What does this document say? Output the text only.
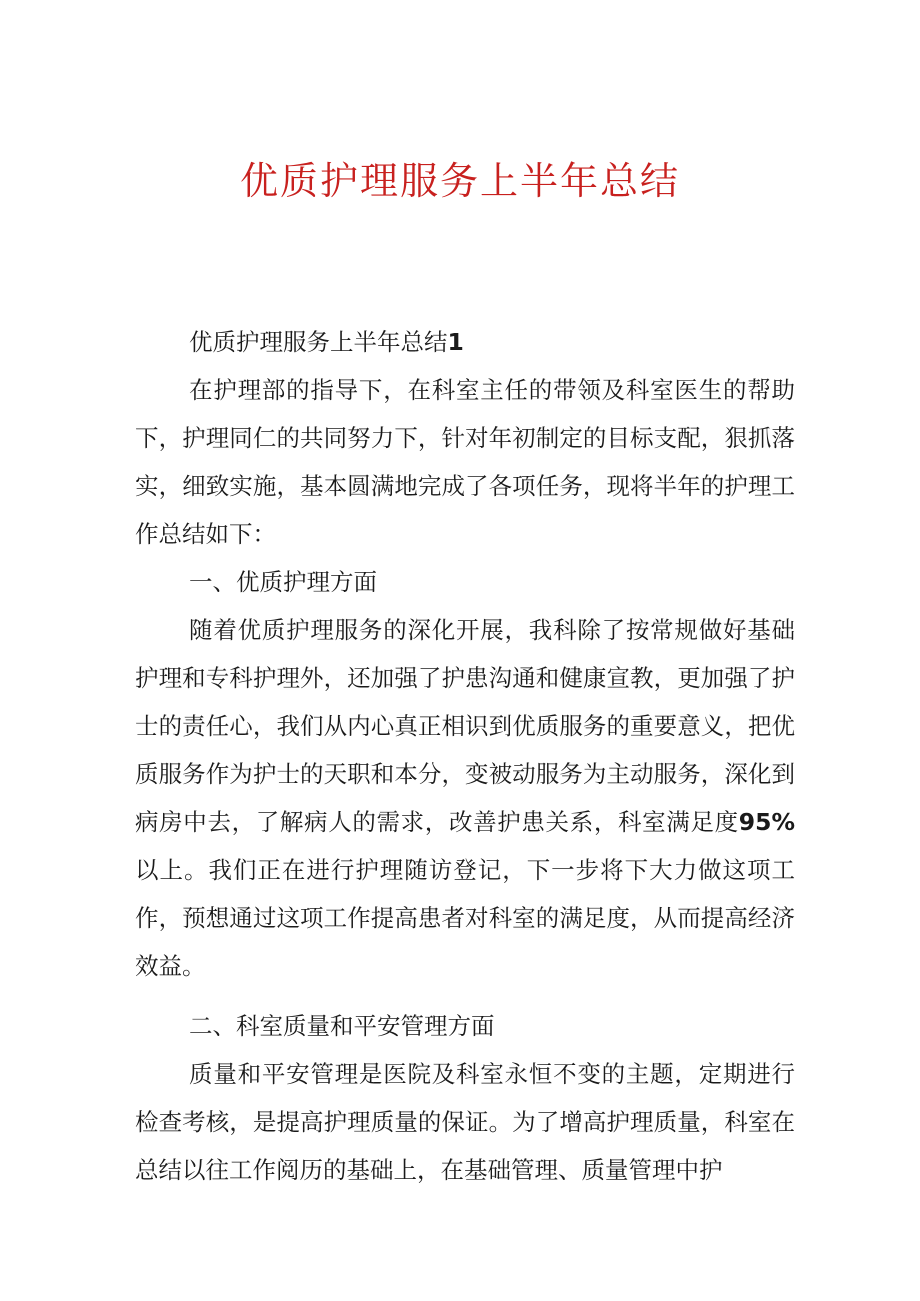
优质护理服务上半年总结

优质护理服务上半年总结1

在护理部的指导下，在科室主任的带领及科室医生的帮助下，护理同仁的共同努力下，针对年初制定的目标支配，狠抓落实，细致实施，基本圆满地完成了各项任务，现将半年的护理工作总结如下：

一、优质护理方面

随着优质护理服务的深化开展，我科除了按常规做好基础护理和专科护理外，还加强了护患沟通和健康宣教，更加强了护士的责任心，我们从内心真正相识到优质服务的重要意义，把优质服务作为护士的天职和本分，变被动服务为主动服务，深化到病房中去，了解病人的需求，改善护患关系，科室满足度95%以上。我们正在进行护理随访登记，下一步将下大力做这项工作，预想通过这项工作提高患者对科室的满足度，从而提高经济效益。

二、科室质量和平安管理方面

质量和平安管理是医院及科室永恒不变的主题，定期进行检查考核，是提高护理质量的保证。为了增高护理质量，科室在总结以往工作阅历的基础上，在基础管理、质量管理中护
